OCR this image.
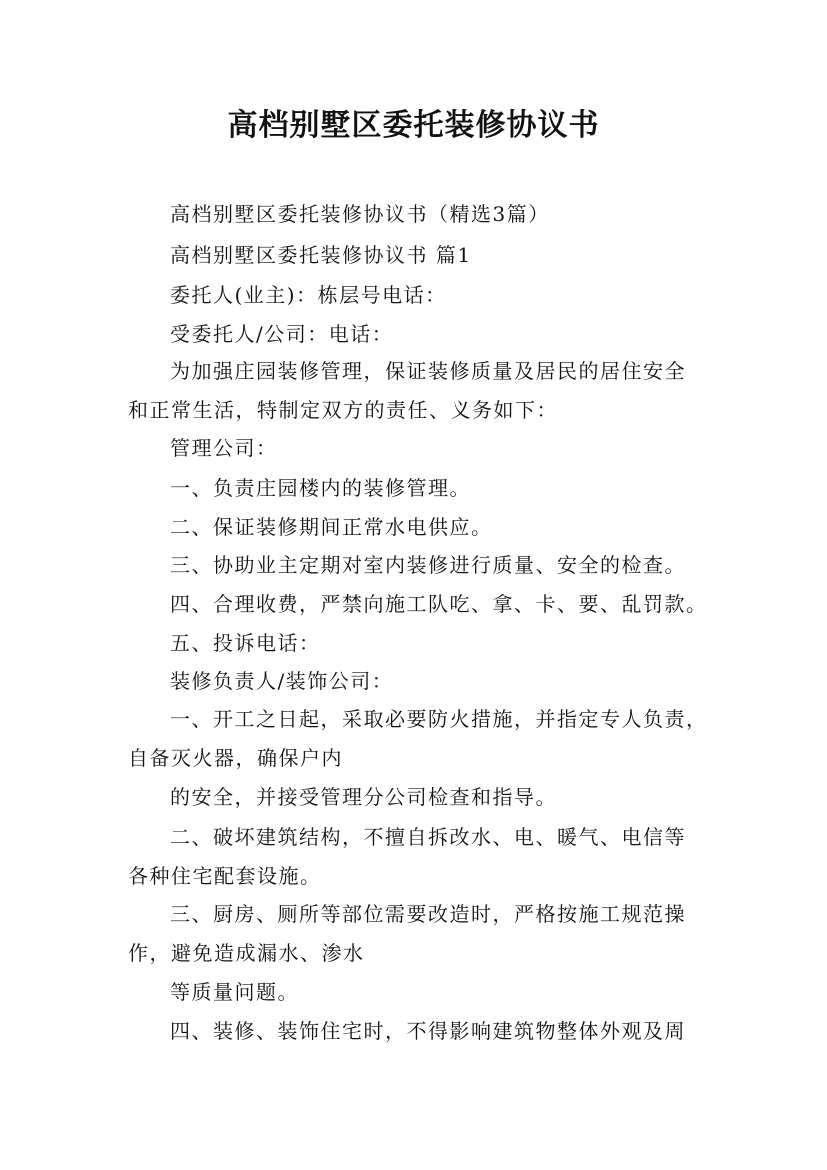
高档别墅区委托装修协议书
高档别墅区委托装修协议书（精选3篇）
高档别墅区委托装修协议书 篇1
委托人(业主)：栋层号电话：
受委托人/公司：电话：
为加强庄园装修管理，保证装修质量及居民的居住安全
和正常生活，特制定双方的责任、义务如下：
管理公司：
一、负责庄园楼内的装修管理。
二、保证装修期间正常水电供应。
三、协助业主定期对室内装修进行质量、安全的检查。
四、合理收费，严禁向施工队吃、拿、卡、要、乱罚款。
五、投诉电话：
装修负责人/装饰公司：
一、开工之日起，采取必要防火措施，并指定专人负责，
自备灭火器，确保户内
的安全，并接受管理分公司检查和指导。
二、破坏建筑结构，不擅自拆改水、电、暖气、电信等
各种住宅配套设施。
三、厨房、厕所等部位需要改造时，严格按施工规范操
作，避免造成漏水、渗水
等质量问题。
四、装修、装饰住宅时，不得影响建筑物整体外观及周
